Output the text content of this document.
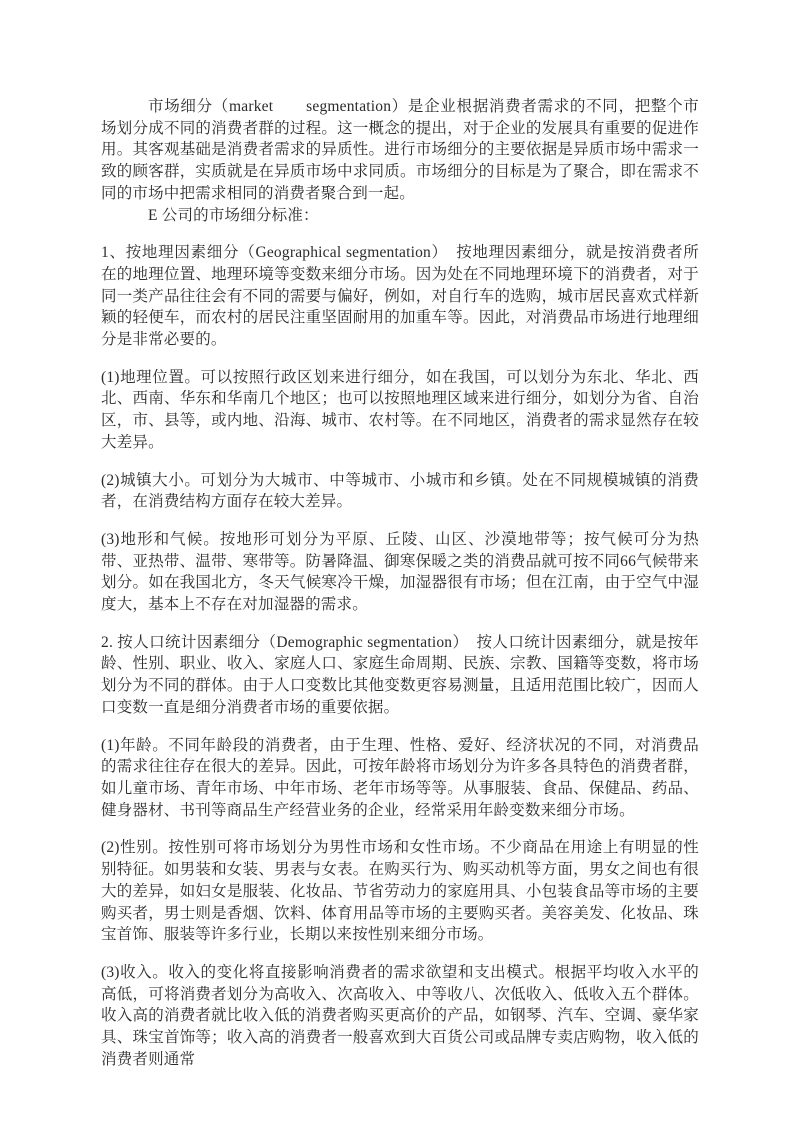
市场细分（market　　segmentation）是企业根据消费者需求的不同，把整个市场划分成不同的消费者群的过程。这一概念的提出，对于企业的发展具有重要的促进作用。其客观基础是消费者需求的异质性。进行市场细分的主要依据是异质市场中需求一致的顾客群，实质就是在异质市场中求同质。市场细分的目标是为了聚合，即在需求不同的市场中把需求相同的消费者聚合到一起。

E 公司的市场细分标准：

1、按地理因素细分（Geographical segmentation）　按地理因素细分，就是按消费者所在的地理位置、地理环境等变数来细分市场。因为处在不同地理环境下的消费者，对于同一类产品往往会有不同的需要与偏好，例如，对自行车的选购，城市居民喜欢式样新颖的轻便车，而农村的居民注重坚固耐用的加重车等。因此，对消费品市场进行地理细分是非常必要的。

(1)地理位置。可以按照行政区划来进行细分，如在我国，可以划分为东北、华北、西北、西南、华东和华南几个地区；也可以按照地理区域来进行细分，如划分为省、自治区，市、县等，或内地、沿海、城市、农村等。在不同地区，消费者的需求显然存在较大差异。

(2)城镇大小。可划分为大城市、中等城市、小城市和乡镇。处在不同规模城镇的消费者，在消费结构方面存在较大差异。

(3)地形和气候。按地形可划分为平原、丘陵、山区、沙漠地带等；按气候可分为热带、亚热带、温带、寒带等。防暑降温、御寒保暖之类的消费品就可按不同66气候带来划分。如在我国北方，冬天气候寒冷干燥，加湿器很有市场；但在江南，由于空气中湿度大，基本上不存在对加湿器的需求。

2. 按人口统计因素细分（Demographic segmentation）　按人口统计因素细分，就是按年龄、性别、职业、收入、家庭人口、家庭生命周期、民族、宗教、国籍等变数，将市场划分为不同的群体。由于人口变数比其他变数更容易测量，且适用范围比较广，因而人口变数一直是细分消费者市场的重要依据。

(1)年龄。不同年龄段的消费者，由于生理、性格、爱好、经济状况的不同，对消费品的需求往往存在很大的差异。因此，可按年龄将市场划分为许多各具特色的消费者群，如儿童市场、青年市场、中年市场、老年市场等等。从事服装、食品、保健品、药品、健身器材、书刊等商品生产经营业务的企业，经常采用年龄变数来细分市场。

(2)性别。按性别可将市场划分为男性市场和女性市场。不少商品在用途上有明显的性别特征。如男装和女装、男表与女表。在购买行为、购买动机等方面，男女之间也有很大的差异，如妇女是服装、化妆品、节省劳动力的家庭用具、小包装食品等市场的主要购买者，男士则是香烟、饮料、体育用品等市场的主要购买者。美容美发、化妆品、珠宝首饰、服装等许多行业，长期以来按性别来细分市场。

(3)收入。收入的变化将直接影响消费者的需求欲望和支出模式。根据平均收入水平的高低，可将消费者划分为高收入、次高收入、中等收八、次低收入、低收入五个群体。收入高的消费者就比收入低的消费者购买更高价的产品，如钢琴、汽车、空调、豪华家具、珠宝首饰等；收入高的消费者一般喜欢到大百货公司或品牌专卖店购物，收入低的消费者则通常
